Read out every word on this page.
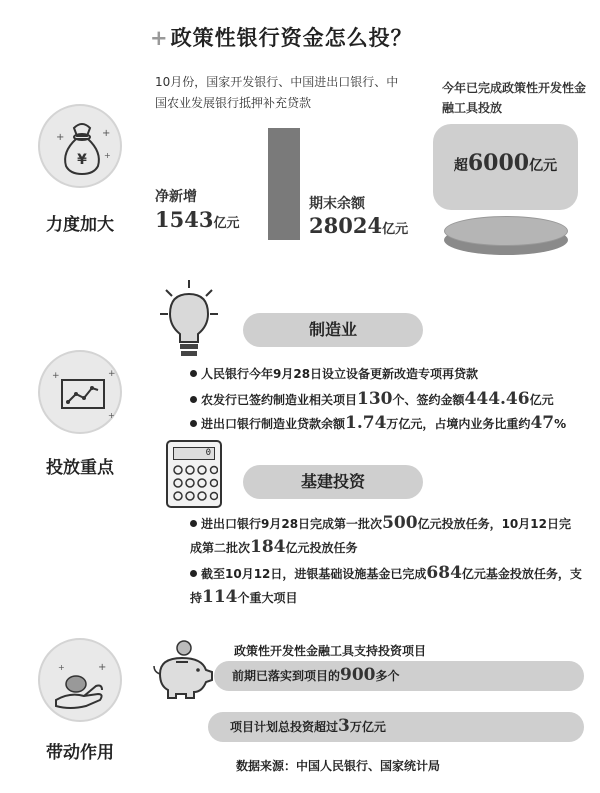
+政策性银行资金怎么投？
¥
+	+
+
力度加大
10月份，国家开发银行、中国进出口银行、中国农业发展银行抵押补充贷款
净新增
1543亿元
期末余额
28024亿元
今年已完成政策性开发性金融工具投放
超6000亿元
+	+
+
投放重点
制造业
人民银行今年9月28日设立设备更新改造专项再贷款
农发行已签约制造业相关项目130个、签约金额444.46亿元
进出口银行制造业贷款余额1.74万亿元，占境内业务比重约47%
0
基建投资
进出口银行9月28日完成第一批次500亿元投放任务，10月12日完
成第二批次184亿元投放任务
截至10月12日，进银基础设施基金已完成684亿元基金投放任务，支
持114个重大项目
+
+
带动作用
政策性开发性金融工具支持投资项目
前期已落实到项目的900多个
项目计划总投资超过3万亿元
数据来源：中国人民银行、国家统计局
